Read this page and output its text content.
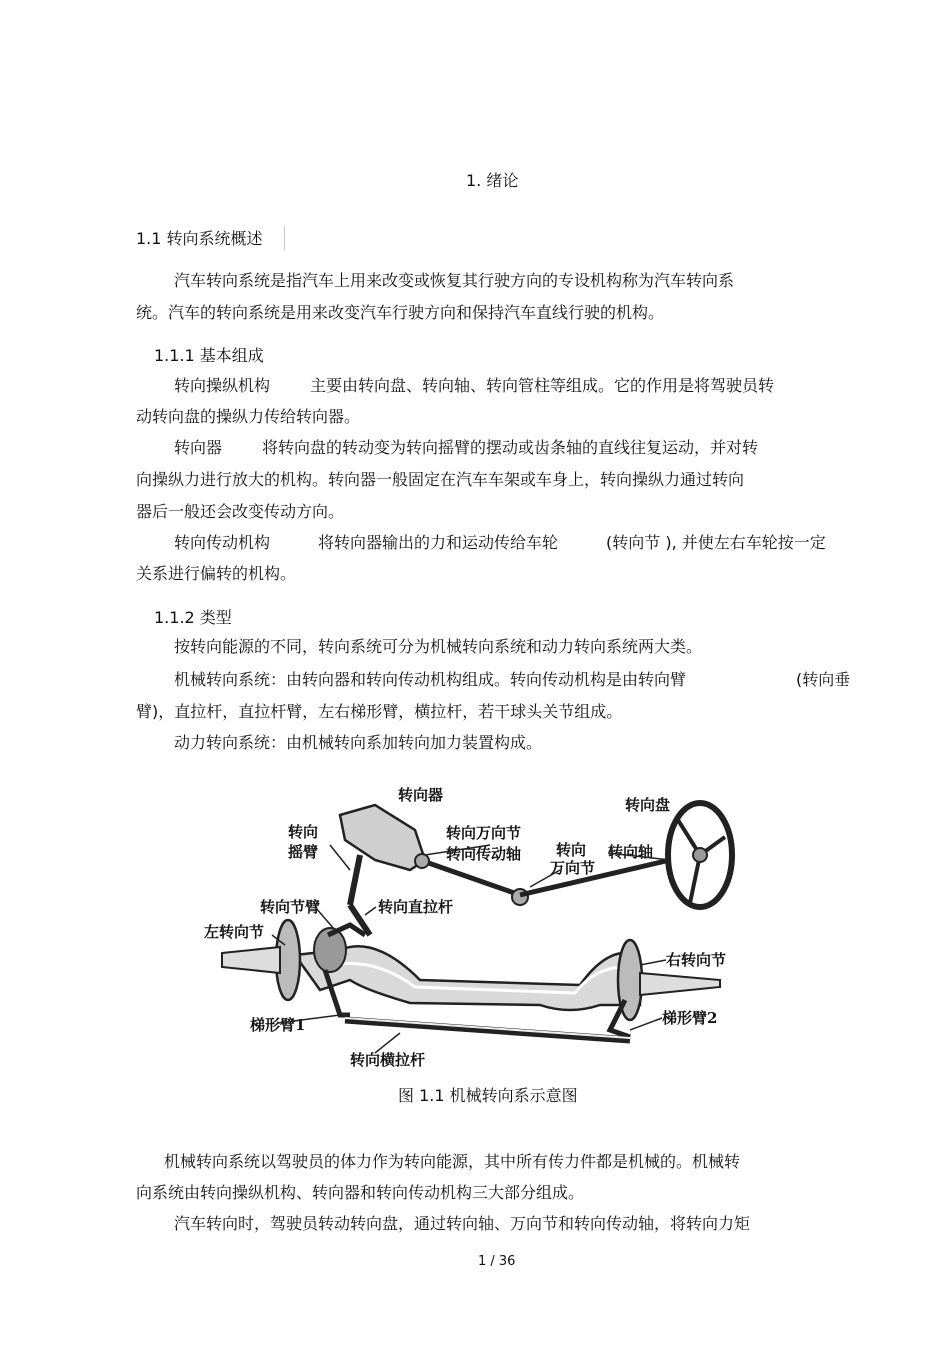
1. 绪论
1.1 转向系统概述
汽车转向系统是指汽车上用来改变或恢复其行驶方向的专设机构称为汽车转向系
统。汽车的转向系统是用来改变汽车行驶方向和保持汽车直线行驶的机构。
1.1.1 基本组成
转向操纵机构 主要由转向盘、转向轴、转向管柱等组成。它的作用是将驾驶员转
动转向盘的操纵力传给转向器。
转向器 将转向盘的转动变为转向摇臂的摆动或齿条轴的直线往复运动，并对转
向操纵力进行放大的机构。转向器一般固定在汽车车架或车身上，转向操纵力通过转向
器后一般还会改变传动方向。
转向传动机构	将转向器输出的力和运动传给车轮	(转向节 ), 并使左右车轮按一定
关系进行偏转的机构。
1.1.2 类型
按转向能源的不同，转向系统可分为机械转向系统和动力转向系统两大类。
机械转向系统：由转向器和转向传动机构组成。转向传动机构是由转向臂	(转向垂
臂)，直拉杆，直拉杆臂，左右梯形臂，横拉杆，若干球头关节组成。
动力转向系统：由机械转向系加转向加力装置构成。
转向器
转向盘
转向
摇臂
转向万向节
转向传动轴 转向
万向节
转向轴
转向节臂	转向直拉杆
左转向节
右转向节
梯形臂1	梯形臂2
转向横拉杆
图 1.1 机械转向系示意图
机械转向系统以驾驶员的体力作为转向能源，其中所有传力件都是机械的。机械转
向系统由转向操纵机构、转向器和转向传动机构三大部分组成。
汽车转向时，驾驶员转动转向盘，通过转向轴、万向节和转向传动轴，将转向力矩
1 / 36
